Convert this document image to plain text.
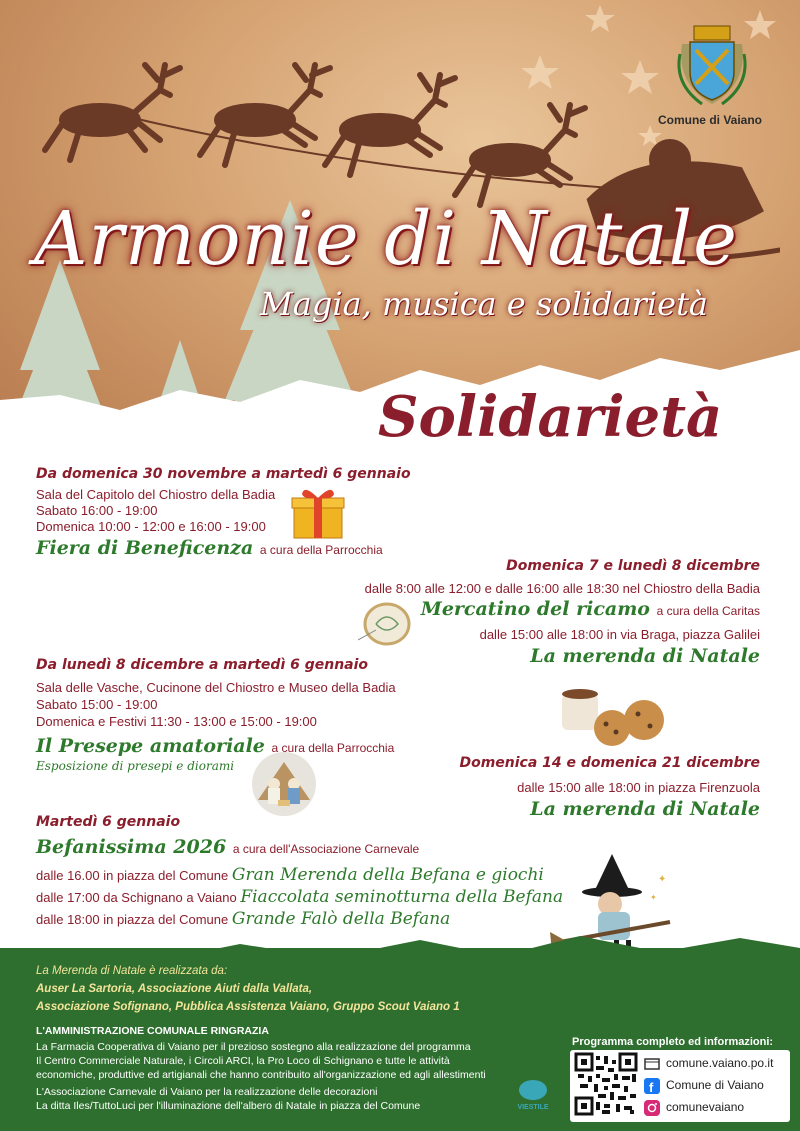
Comune di Vaiano
Armonie di Natale
Magia, musica e solidarietà
Solidarietà
Da domenica 30 novembre a martedì 6 gennaio
Sala del Capitolo del Chiostro della Badia
Sabato 16:00 - 19:00
Domenica 10:00 - 12:00 e 16:00 - 19:00
Fiera di Beneficenza a cura della Parrocchia
Domenica 7 e lunedì 8 dicembre
dalle 8:00 alle 12:00 e dalle 16:00 alle 18:30 nel Chiostro della Badia
Mercatino del ricamo a cura della Caritas
dalle 15:00 alle 18:00 in via Braga, piazza Galilei
La merenda di Natale
Da lunedì 8 dicembre a martedì 6 gennaio
Sala delle Vasche, Cucinone del Chiostro e Museo della Badia
Sabato 15:00 - 19:00
Domenica e Festivi 11:30 - 13:00 e 15:00 - 19:00
Il Presepe amatoriale a cura della Parrocchia
Esposizione di presepi e diorami	Domenica 14 e domenica 21 dicembre
dalle 15:00 alle 18:00 in piazza Firenzuola
La merenda di Natale
Martedì 6 gennaio
Befanissima 2026 a cura dell'Associazione Carnevale
dalle 16.00 in piazza del Comune Gran Merenda della Befana e giochi
dalle 17:00 da Schignano a Vaiano Fiaccolata seminotturna della Befana
dalle 18:00 in piazza del Comune Grande Falò della Befana
✦
✦
La Merenda di Natale è realizzata da:
Auser La Sartoria, Associazione Aiuti dalla Vallata,
Associazione Sofignano, Pubblica Assistenza Vaiano, Gruppo Scout Vaiano 1
L'AMMINISTRAZIONE COMUNALE RINGRAZIA
La Farmacia Cooperativa di Vaiano per il prezioso sostegno alla realizzazione del programma
Il Centro Commerciale Naturale, i Circoli ARCI, la Pro Loco di Schignano e tutte le attività
economiche, produttive ed artigianali che hanno contribuito all'organizzazione ed agli allestimenti
L'Associazione Carnevale di Vaiano per la realizzazione delle decorazioni
La ditta Iles/TuttoLuci per l'illuminazione dell'albero di Natale in piazza del Comune	VIESTILE
Programma completo ed informazioni:
comune.vaiano.po.it
f Comune di Vaiano
comunevaiano
